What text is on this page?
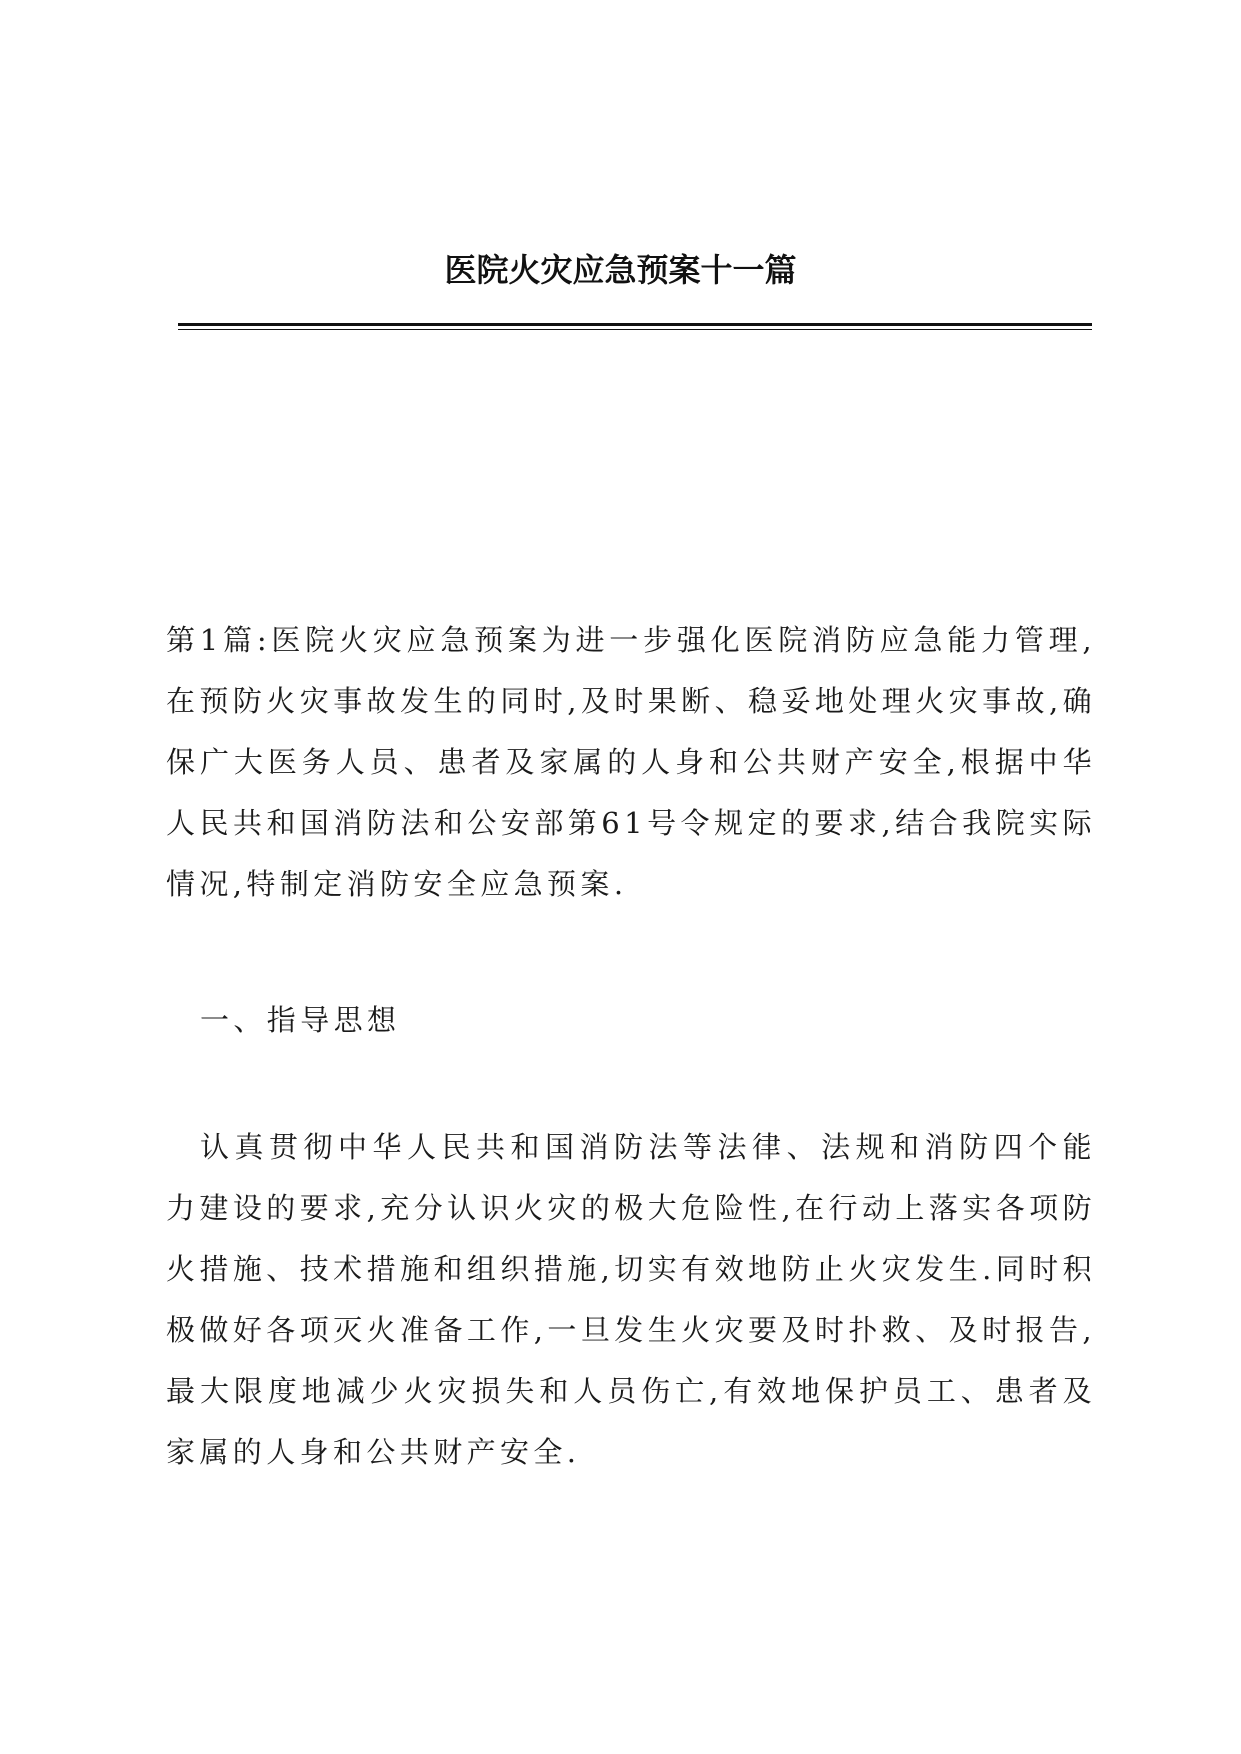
医院火灾应急预案十一篇

第1篇:医院火灾应急预案为进一步强化医院消防应急能力管理,在预防火灾事故发生的同时,及时果断、稳妥地处理火灾事故,确保广大医务人员、患者及家属的人身和公共财产安全,根据中华人民共和国消防法和公安部第61号令规定的要求,结合我院实际情况,特制定消防安全应急预案.

一、指导思想

认真贯彻中华人民共和国消防法等法律、法规和消防四个能力建设的要求,充分认识火灾的极大危险性,在行动上落实各项防火措施、技术措施和组织措施,切实有效地防止火灾发生.同时积极做好各项灭火准备工作,一旦发生火灾要及时扑救、及时报告,最大限度地减少火灾损失和人员伤亡,有效地保护员工、患者及家属的人身和公共财产安全.
